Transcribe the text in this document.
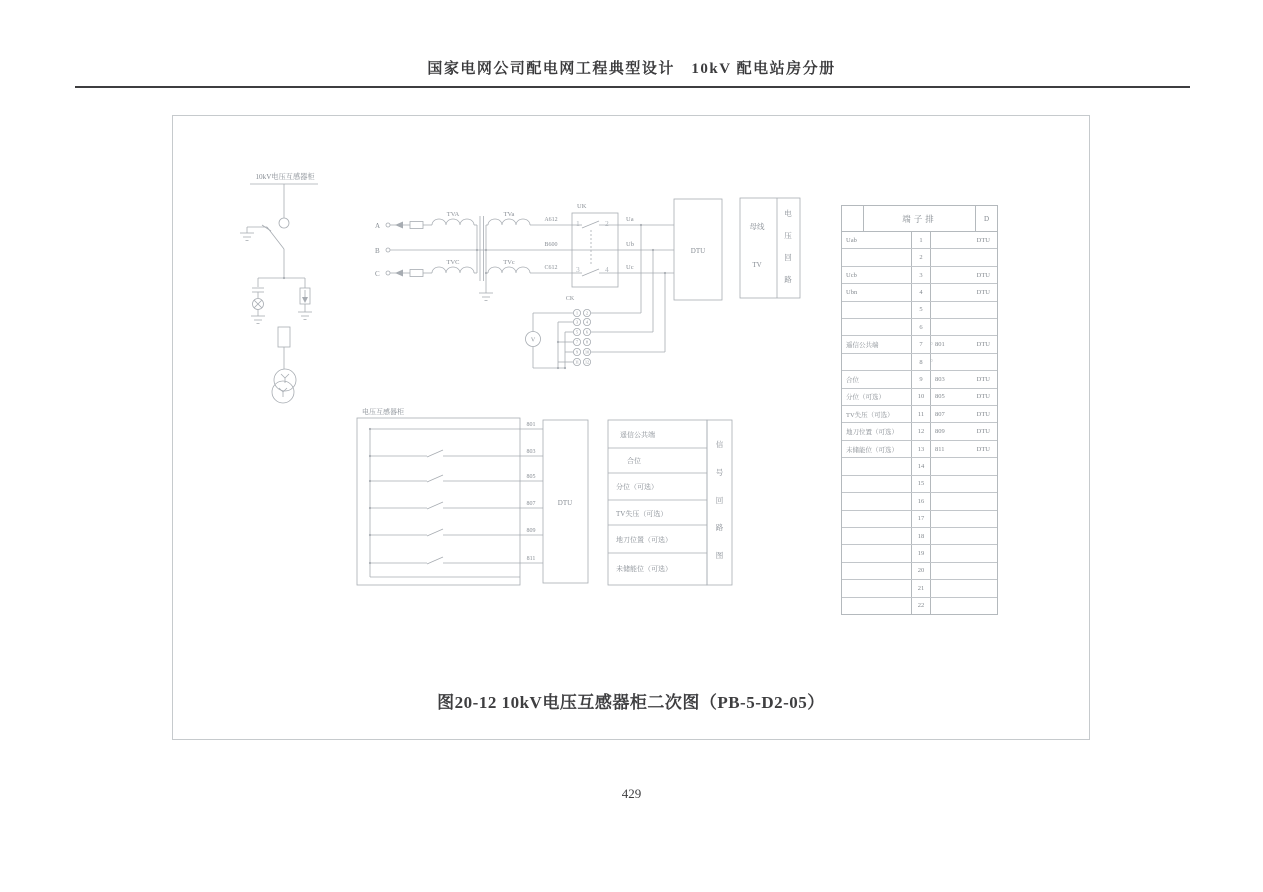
国家电网公司配电网工程典型设计　10kV 配电站房分册
10kV电压互感器柜
A
TVA	TVa
A612
B
B600
C
TVC	TVc
C612
UK
1	2
3	4
Ua
Ub
Uc
CK
1
3
5
7
9
11
2
4
6
8
10
12
V
DTU
母线
TV
电
压
回
路
电压互感器柜
801
803
805
807
809
811
DTU
遥信公共端
合位
分位（可选）
TV失压（可选）
地刀位置（可选）
未储能位（可选）
信
号
回
路
图
端子排	D
Uab	1	DTU
2
Ucb	3	DTU
Ubn	4	DTU
5
6
遥信公共端	7 ○ 801	DTU
8 ○
合位	9 803	DTU
分位（可选）	10 805	DTU
TV失压（可选）	11 807	DTU
地刀位置（可选）	12 809	DTU
未储能位（可选）	13 811	DTU
14
15
16
17
18
19
20
21
22
图20-12 10kV电压互感器柜二次图（PB-5-D2-05）
429
